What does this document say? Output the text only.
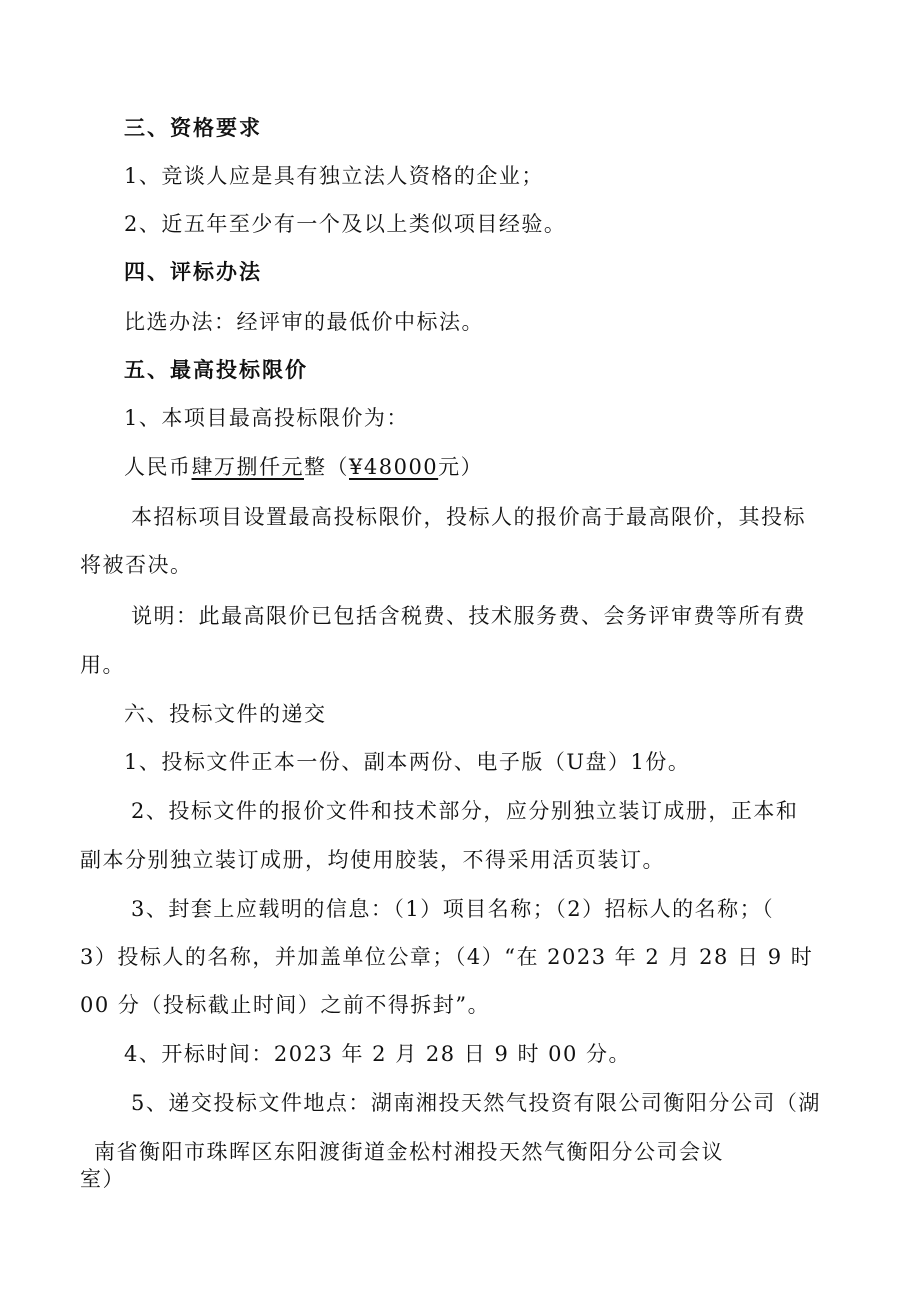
三、资格要求
1、竞谈人应是具有独立法人资格的企业；
2、近五年至少有一个及以上类似项目经验。
四、评标办法
比选办法：经评审的最低价中标法。
五、最高投标限价
1、本项目最高投标限价为：
人民币肆万捌仟元整（¥48000元）
本招标项目设置最高投标限价，投标人的报价高于最高限价，其投标
将被否决。
说明：此最高限价已包括含税费、技术服务费、会务评审费等所有费
用。
六、投标文件的递交
1、投标文件正本一份、副本两份、电子版（U盘）1份。
2、投标文件的报价文件和技术部分，应分别独立装订成册，正本和
副本分别独立装订成册，均使用胶装，不得采用活页装订。
3、封套上应载明的信息：（1）项目名称；（2）招标人的名称；（
3）投标人的名称，并加盖单位公章；（4）“在 2023 年 2 月 28 日 9 时
00 分（投标截止时间）之前不得拆封”。
4、开标时间：2023 年 2 月 28 日 9 时 00 分。
5、递交投标文件地点：湖南湘投天然气投资有限公司衡阳分公司（湖
南省衡阳市珠晖区东阳渡街道金松村湘投天然气衡阳分公司会议
室）
